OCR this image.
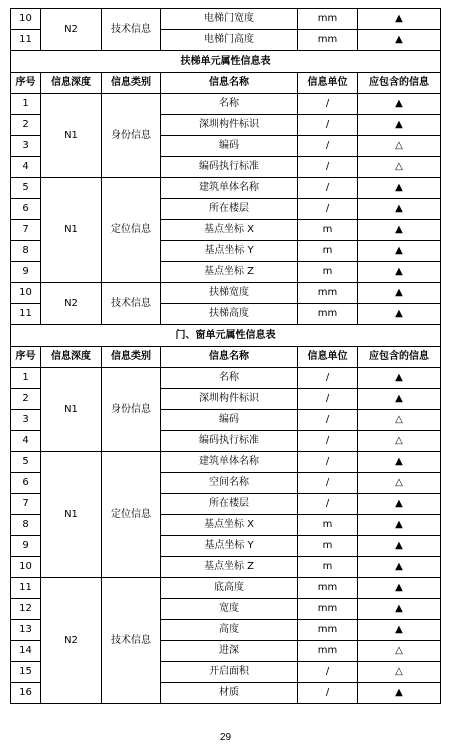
10	N2	技术信息	电梯门宽度	mm	▲
11			电梯门高度	mm	▲
扶梯单元属性信息表					
序号	信息深度	信息类别	信息名称	信息单位	应包含的信息
1	N1	身份信息	名称	/	▲
2			深圳构件标识	/	▲
3			编码	/	△
4			编码执行标准	/	△
5	N1	定位信息	建筑单体名称	/	▲
6			所在楼层	/	▲
7			基点坐标 X	m	▲
8			基点坐标 Y	m	▲
9			基点坐标 Z	m	▲
10	N2	技术信息	扶梯宽度	mm	▲
11			扶梯高度	mm	▲
门、窗单元属性信息表					
序号	信息深度	信息类别	信息名称	信息单位	应包含的信息
1	N1	身份信息	名称	/	▲
2			深圳构件标识	/	▲
3			编码	/	△
4			编码执行标准	/	△
5	N1	定位信息	建筑单体名称	/	▲
6			空间名称	/	△
7			所在楼层	/	▲
8			基点坐标 X	m	▲
9			基点坐标 Y	m	▲
10			基点坐标 Z	m	▲
11	N2	技术信息	底高度	mm	▲
12			宽度	mm	▲
13			高度	mm	▲
14			进深	mm	△
15			开启面积	/	△
16			材质	/	▲
29
